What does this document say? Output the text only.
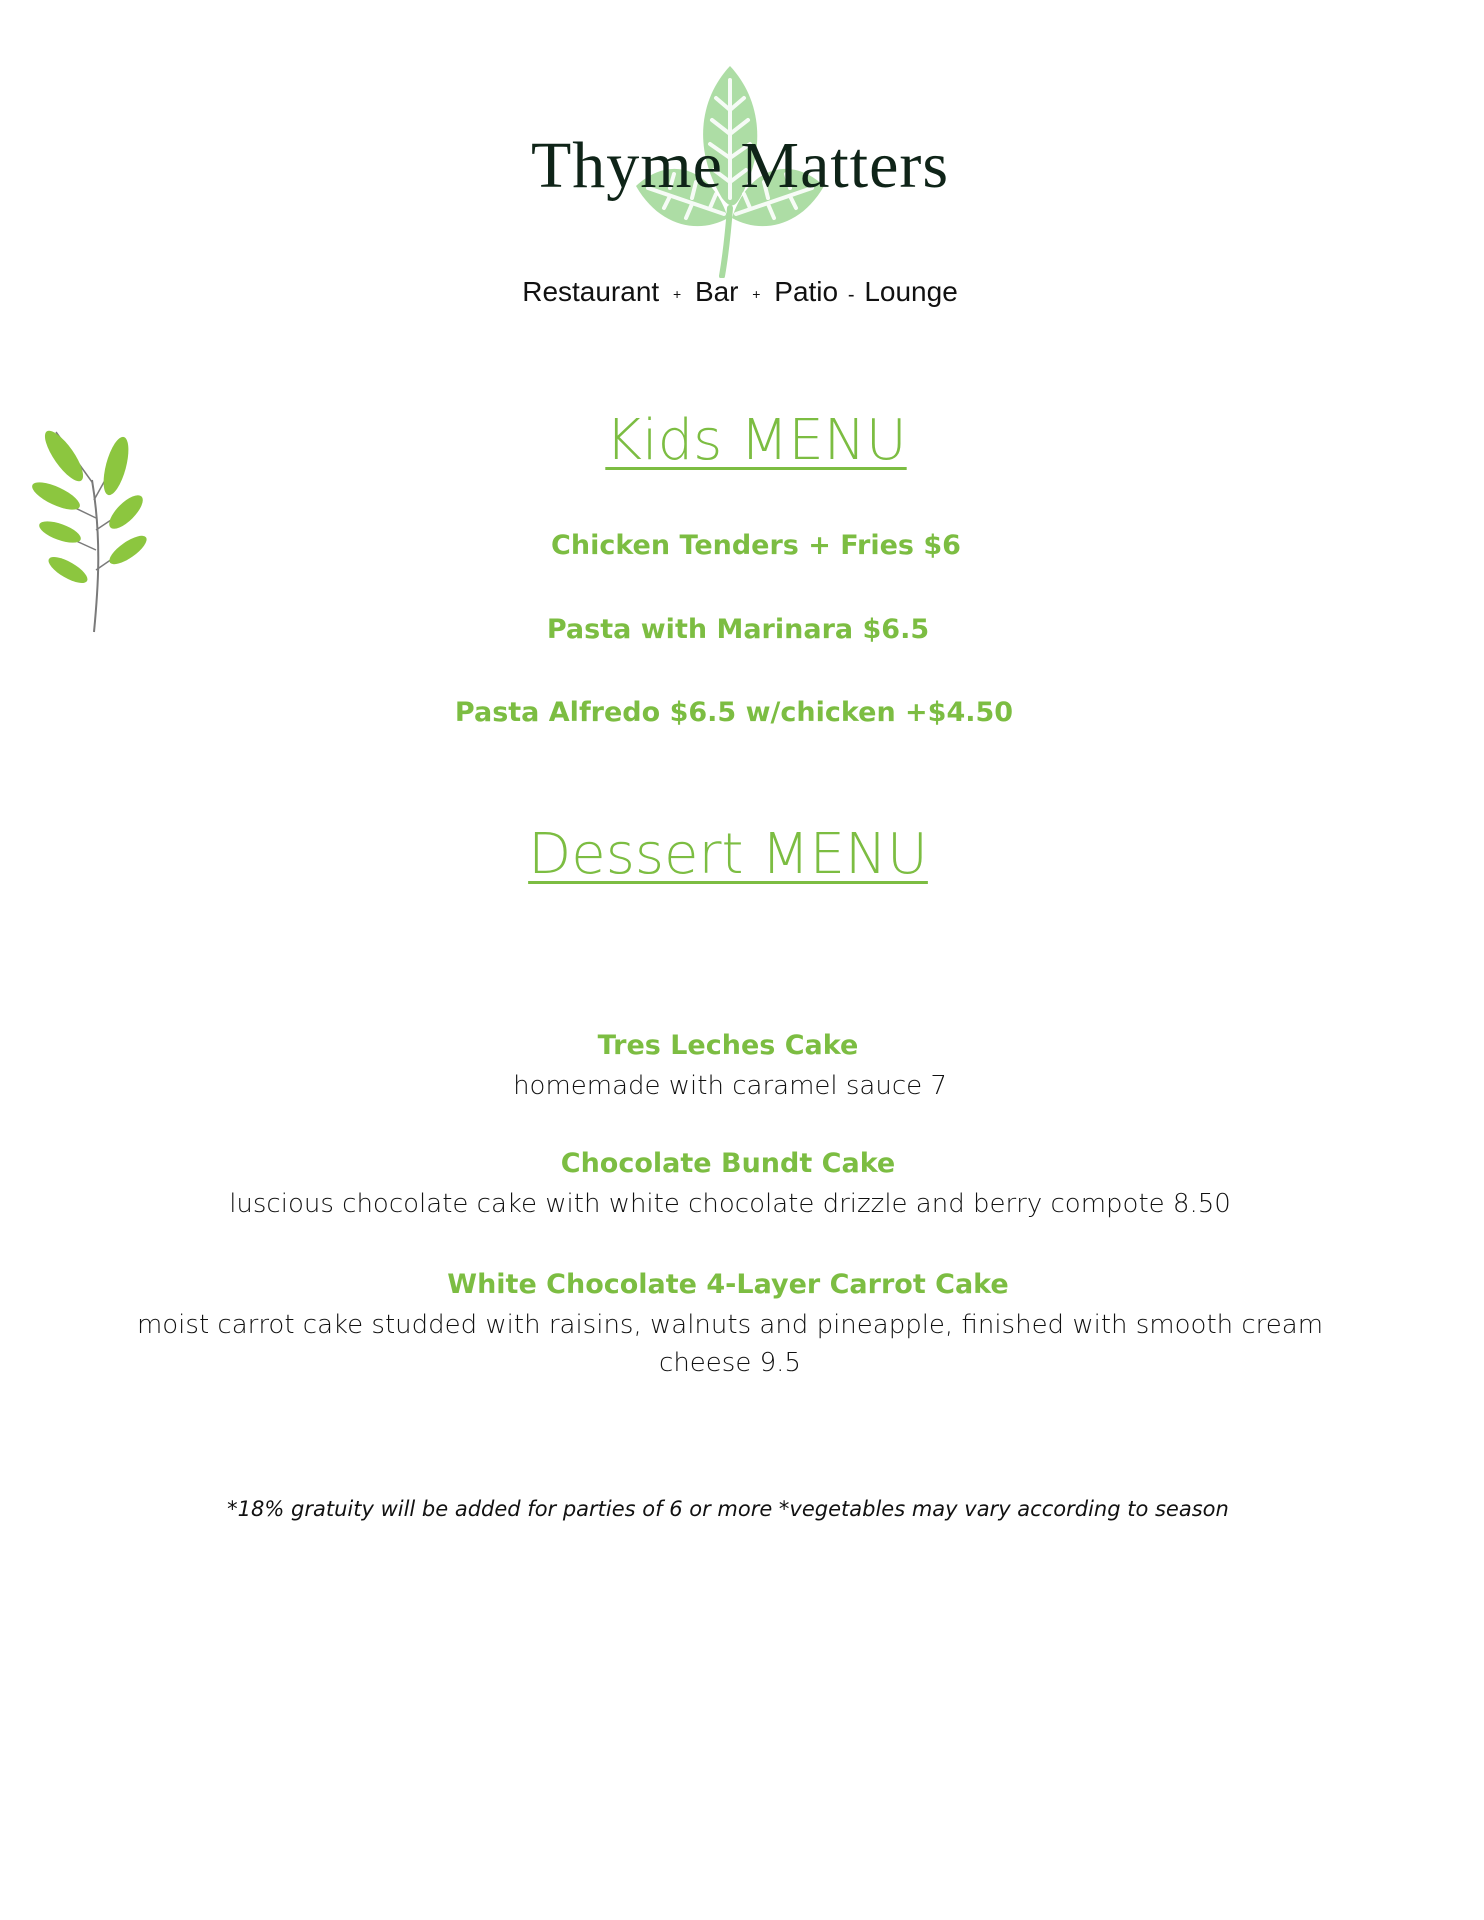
Thyme Matters
Restaurant + Bar + Patio - Lounge
Kids MENU
Chicken Tenders + Fries $6
Pasta with Marinara $6.5
Pasta Alfredo $6.5 w/chicken +$4.50
Dessert MENU
Tres Leches Cake
homemade with caramel sauce 7
Chocolate Bundt Cake
luscious chocolate cake with white chocolate drizzle and berry compote 8.50
White Chocolate 4-Layer Carrot Cake
moist carrot cake studded with raisins, walnuts and pineapple, finished with smooth cream cheese 9.5
*18% gratuity will be added for parties of 6 or more *vegetables may vary according to season
